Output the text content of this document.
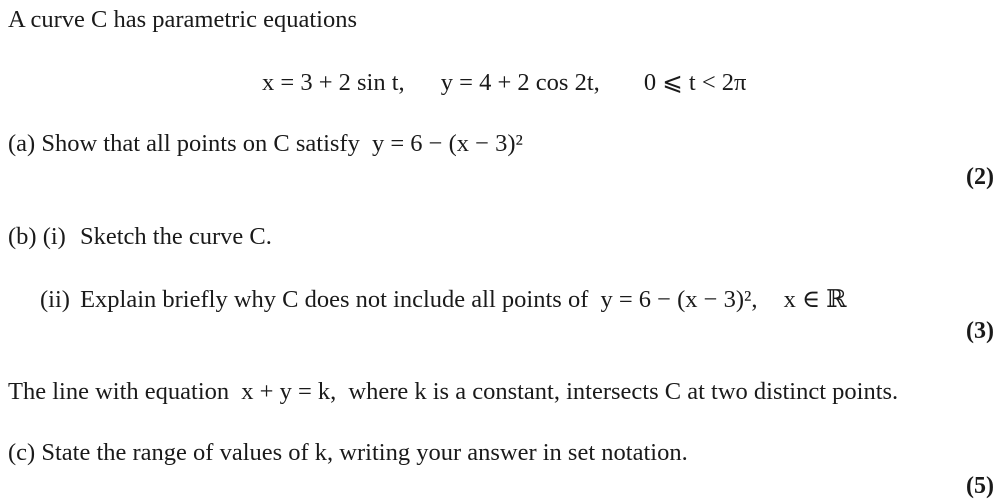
A curve C has parametric equations
x = 3 + 2 sin t, y = 4 + 2 cos 2t, 0 ⩽ t < 2π
(a) Show that all points on C satisfy y = 6 − (x − 3)²
(2)
(b) (i) Sketch the curve C.
(ii) Explain briefly why C does not include all points of y = 6 − (x − 3)², x ∈ ℝ
(3)
The line with equation x + y = k, where k is a constant, intersects C at two distinct points.
(c) State the range of values of k, writing your answer in set notation.
(5)
